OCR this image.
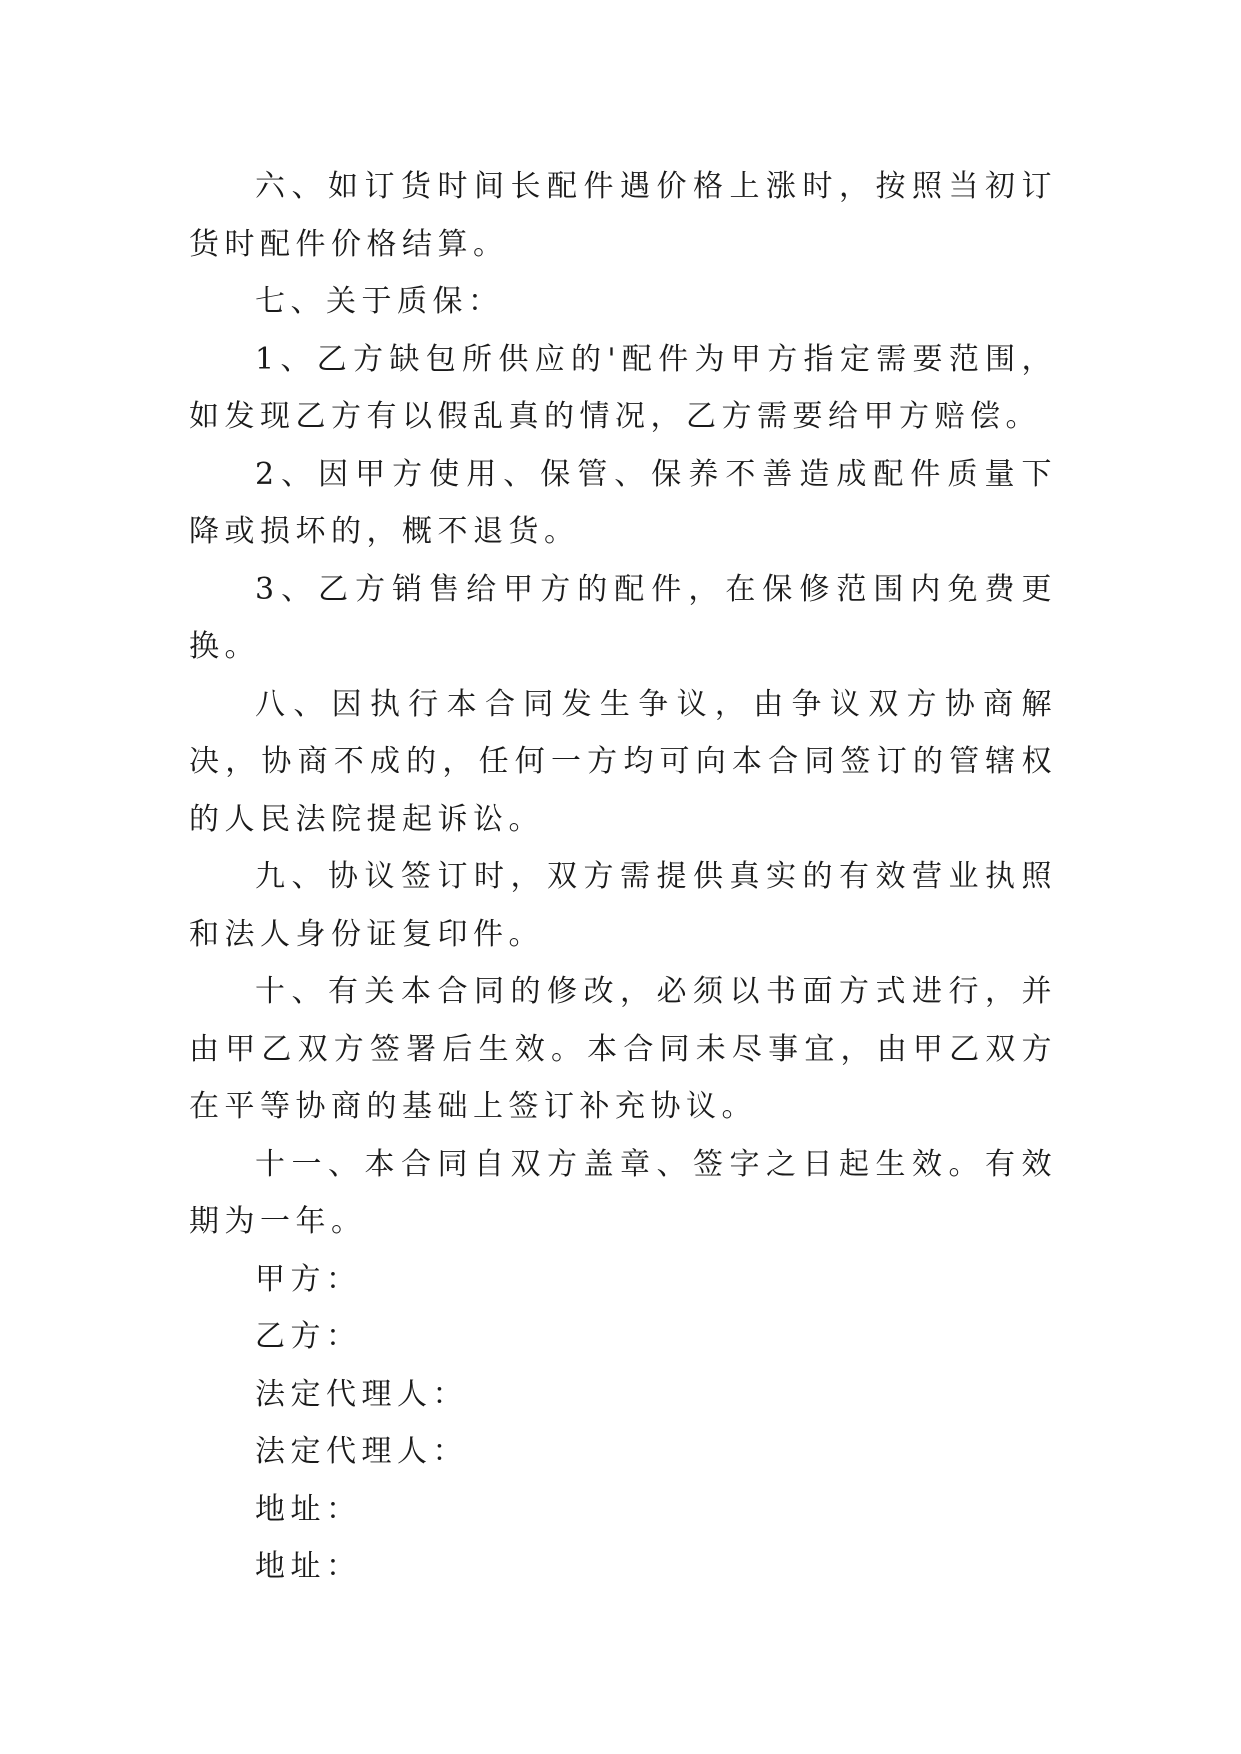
六、如订货时间长配件遇价格上涨时，按照当初订货时配件价格结算。

七、关于质保：

1、乙方缺包所供应的'配件为甲方指定需要范围，如发现乙方有以假乱真的情况，乙方需要给甲方赔偿。

2、因甲方使用、保管、保养不善造成配件质量下降或损坏的，概不退货。

3、乙方销售给甲方的配件，在保修范围内免费更换。

八、因执行本合同发生争议，由争议双方协商解决，协商不成的，任何一方均可向本合同签订的管辖权的人民法院提起诉讼。

九、协议签订时，双方需提供真实的有效营业执照和法人身份证复印件。

十、有关本合同的修改，必须以书面方式进行，并由甲乙双方签署后生效。本合同未尽事宜，由甲乙双方在平等协商的基础上签订补充协议。

十一、本合同自双方盖章、签字之日起生效。有效期为一年。

甲方：

乙方：

法定代理人：

法定代理人：

地址：

地址：
